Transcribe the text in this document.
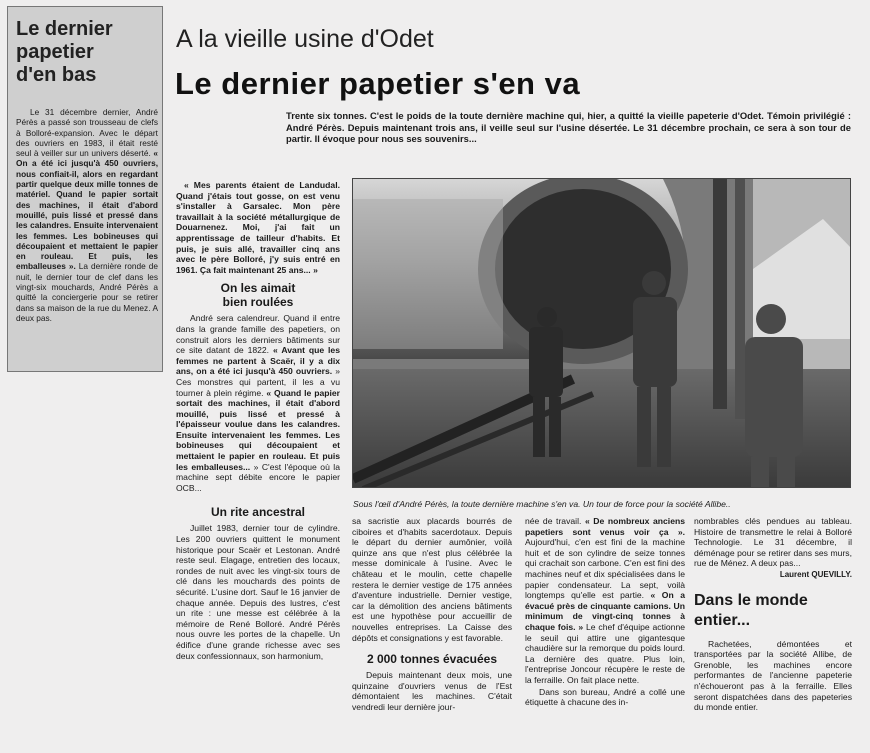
Le dernier
papetier
d'en bas

Le 31 décembre dernier, André Pérès a passé son trousseau de clefs à Bolloré-expansion. Avec le départ des ouvriers en 1983, il était resté seul à veiller sur un univers déserté. « On a été ici jusqu'à 450 ouvriers, nous confiait-il, alors en regardant partir quelque deux mille tonnes de matériel. Quand le papier sortait des machines, il était d'abord mouillé, puis lissé et pressé dans les calandres. Ensuite intervenaient les femmes. Les bobineuses qui découpaient et mettaient le papier en rouleau. Et puis, les emballeuses ». La dernière ronde de nuit, le dernier tour de clef dans les vingt-six mouchards, André Pérès a quitté la conciergerie pour se retirer dans sa maison de la rue du Menez. A deux pas.

A la vieille usine d'Odet
Le dernier papetier s'en va
Trente six tonnes. C'est le poids de la toute dernière machine qui, hier, a quitté la vieille papeterie d'Odet. Témoin privilégié : André Pérès. Depuis maintenant trois ans, il veille seul sur l'usine désertée. Le 31 décembre prochain, ce sera à son tour de partir. Il évoque pour nous ses souvenirs...

« Mes parents étaient de Landudal. Quand j'étais tout gosse, on est venu s'installer à Garsalec. Mon père travaillait à la société métallurgique de Douarnenez. Moi, j'ai fait un apprentissage de tailleur d'habits. Et puis, je suis allé, travailler cinq ans avec le père Bolloré, j'y suis entré en 1961. Ça fait maintenant 25 ans... »

On les aimait
bien roulées

André sera calendreur. Quand il entre dans la grande famille des papetiers, on construit alors les derniers bâtiments sur ce site datant de 1822. « Avant que les femmes ne partent à Scaër, il y a dix ans, on a été ici jusqu'à 450 ouvriers. » Ces monstres qui partent, il les a vu tourner à plein régime. « Quand le papier sortait des machines, il était d'abord mouillé, puis lissé et pressé à l'épaisseur voulue dans les calandres. Ensuite intervenaient les femmes. Les bobineuses qui découpaient et mettaient le papier en rouleau. Et puis les emballeuses... » C'est l'époque où la machine sept débite encore le papier OCB...

Un rite ancestral

Juillet 1983, dernier tour de cylindre. Les 200 ouvriers quittent le monument historique pour Scaër et Lestonan. André reste seul. Elagage, entretien des locaux, rondes de nuit avec les vingt-six tours de clé dans les mouchards des points de sécurité. L'usine dort. Sauf le 16 janvier de chaque année. Depuis des lustres, c'est un rite : une messe est célébrée à la mémoire de René Bolloré. André Pérès nous ouvre les portes de la chapelle. Un édifice d'une grande richesse avec ses deux confessionnaux, son harmonium,

Sous l'œil d'André Pérès, la toute dernière machine s'en va. Un tour de force pour la société Allibe..

sa sacristie aux placards bourrés de ciboires et d'habits sacerdotaux. Depuis le départ du dernier aumônier, voilà quinze ans que n'est plus célébrée la messe dominicale à l'usine. Avec le château et le moulin, cette chapelle restera le dernier vestige de 175 années d'aventure industrielle. Dernier vestige, car la démolition des anciens bâtiments est une hypothèse pour accueillir de nouvelles entreprises. La Caisse des dépôts et consignations y est favorable.

2 000 tonnes évacuées

Depuis maintenant deux mois, une quinzaine d'ouvriers venus de l'Est démontaient les machines. C'était vendredi leur dernière jour-

née de travail. « De nombreux anciens papetiers sont venus voir ça ». Aujourd'hui, c'en est fini de la machine huit et de son cylindre de seize tonnes qui crachait son carbone. C'en est fini des machines neuf et dix spécialisées dans le papier condensateur. La sept, voilà longtemps qu'elle est partie. « On a évacué près de cinquante camions. Un minimum de vingt-cinq tonnes à chaque fois. » Le chef d'équipe actionne le seuil qui attire une gigantesque chaudière sur la remorque du poids lourd. La dernière des quatre. Plus loin, l'entreprise Joncour récupère le reste de la ferraille. On fait place nette.

Dans son bureau, André a collé une étiquette à chacune des in-

nombrables clés pendues au tableau. Histoire de transmettre le relai à Bolloré Technologie. Le 31 décembre, il déménage pour se retirer dans ses murs, rue de Ménez. A deux pas...

Laurent QUEVILLY.
Dans le monde
entier...

Rachetées, démontées et transportées par la société Allibe, de Grenoble, les machines encore performantes de l'ancienne papeterie n'échoueront pas à la ferraille. Elles seront dispatchées dans des papeteries du monde entier.
